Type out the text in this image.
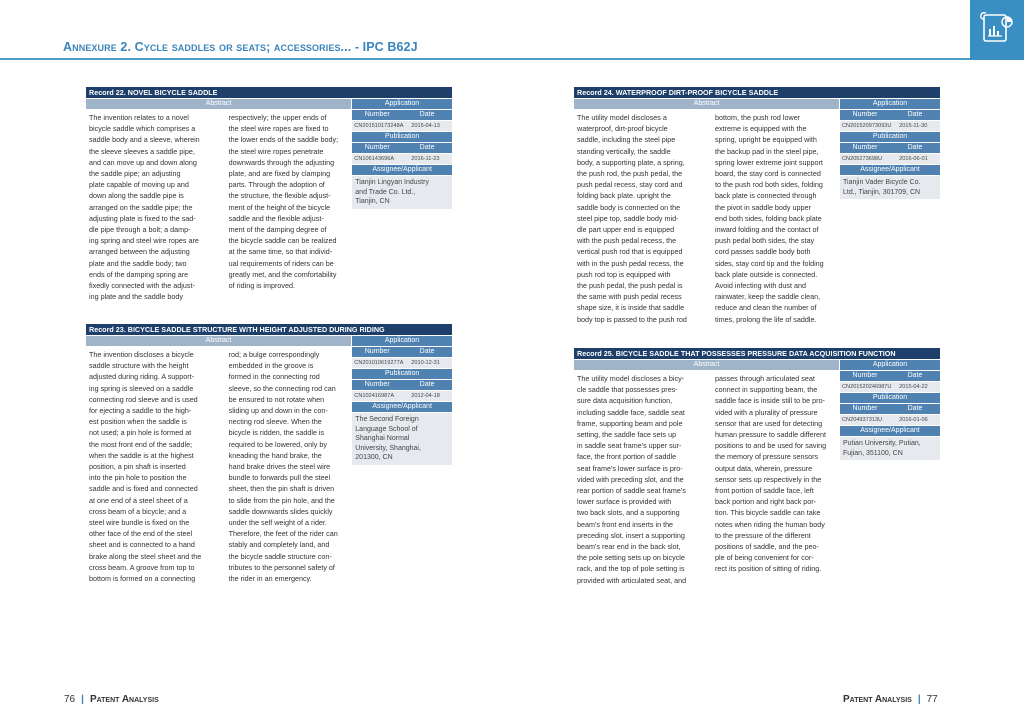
Annexure 2. Cycle saddles or seats; accessories... - IPC B62J
Record 22. NOVEL BICYCLE SADDLE
Abstract	Application
The invention relates to a novel
bicycle saddle which comprises a
saddle body and a sleeve, wherein
the sleeve sleeves a saddle pipe,
and can move up and down along
the saddle pipe; an adjusting
plate capable of moving up and
down along the saddle pipe is
arranged on the saddle pipe; the
adjusting plate is fixed to the sad-
dle pipe through a bolt; a damp-
ing spring and steel wire ropes are
arranged between the adjusting
plate and the saddle body; two
ends of the damping spring are
fixedly connected with the adjust-
ing plate and the saddle body
respectively; the upper ends of
the steel wire ropes are fixed to
the lower ends of the saddle body;
the steel wire ropes penetrate
downwards through the adjusting
plate, and are fixed by clamping
parts. Through the adoption of
the structure, the flexible adjust-
ment of the height of the bicycle
saddle and the flexible adjust-
ment of the damping degree of
the bicycle saddle can be realized
at the same time, so that individ-
ual requirements of riders can be
greatly met, and the comfortability
of riding is improved.
Number	Date
CN201510173248A	2015-04-13
Publication
Number	Date
CN106143696A	2016-11-23
Assignee/Applicant
Tianjin Lingyan Industry
and Trade Co. Ltd.,
Tianjin, CN
Record 23. BICYCLE SADDLE STRUCTURE WITH HEIGHT ADJUSTED DURING RIDING
Abstract	Application
The invention discloses a bicycle
saddle structure with the height
adjusted during riding. A support-
ing spring is sleeved on a saddle
connecting rod sleeve and is used
for ejecting a saddle to the high-
est position when the saddle is
not used; a pin hole is formed at
the most front end of the saddle;
when the saddle is at the highest
position, a pin shaft is inserted
into the pin hole to position the
saddle and is fixed and connected
at one end of a steel sheet of a
cross beam of a bicycle; and a
steel wire bundle is fixed on the
other face of the end of the steel
sheet and is connected to a hand
brake along the steel sheet and the
cross beam. A groove from top to
bottom is formed on a connecting
rod; a bulge correspondingly
embedded in the groove is
formed in the connecting rod
sleeve, so the connecting rod can
be ensured to not rotate when
sliding up and down in the con-
necting rod sleeve. When the
bicycle is ridden, the saddle is
required to be lowered, only by
kneading the hand brake, the
hand brake drives the steel wire
bundle to forwards pull the steel
sheet, then the pin shaft is driven
to slide from the pin hole, and the
saddle downwards slides quickly
under the self weight of a rider.
Therefore, the feet of the rider can
stably and completely land, and
the bicycle saddle structure con-
tributes to the personnel safety of
the rider in an emergency.
Number	Date
CN201010619277A	2010-12-31
Publication
Number	Date
CN102416987A	2012-04-18
Assignee/Applicant
The Second Foreign
Language School of
Shanghai Normal
University, Shanghai,
201300, CN
Record 24. WATERPROOF DIRT-PROOF BICYCLE SADDLE
Abstract	Application
The utility model discloses a
waterproof, dirt-proof bicycle
saddle, including the steel pipe
standing vertically, the saddle
body, a supporting plate, a spring,
the push rod, the push pedal, the
push pedal recess, stay cord and
folding back plate. upright the
saddle body is connected on the
steel pipe top, saddle body mid-
dle part upper end is equipped
with the push pedal recess, the
vertical push rod that is equipped
with in the push pedal recess, the
push rod top is equipped with
the push pedal, the push pedal is
the same with push pedal recess
shape size, it is inside that saddle
body top is passed to the push rod
bottom, the push rod lower
extreme is equipped with the
spring, upright be equipped with
the backup pad in the steel pipe,
spring lower extreme joint support
board, the stay cord is connected
to the push rod both sides, folding
back plate is connected through
the pivot in saddle body upper
end both sides, folding back plate
inward folding and the contact of
push pedal both sides, the stay
cord passes saddle body both
sides, stay cord tip and the folding
back plate outside is connected.
Avoid infecting with dust and
rainwater, keep the saddle clean,
reduce and clean the number of
times, prolong the life of saddle.
Number	Date
CN201520973093U	2015-11-30
Publication
Number	Date
CN205273698U	2016-06-01
Assignee/Applicant
Tianjin Vader Bicycle Co.
Ltd., Tianjin, 301709, CN
Record 25. BICYCLE SADDLE THAT POSSESSES PRESSURE DATA ACQUISITION FUNCTION
Abstract	Application
The utility model discloses a bicy-
cle saddle that possesses pres-
sure data acquisition function,
including saddle face, saddle seat
frame, supporting beam and pole
setting, the saddle face sets up
in saddle seat frame's upper sur-
face, the front portion of saddle
seat frame's lower surface is pro-
vided with preceding slot, and the
rear portion of saddle seat frame's
lower surface is provided with
two back slots, and a supporting
beam's front end inserts in the
preceding slot, insert a supporting
beam's rear end in the back slot,
the pole setting sets up on bicycle
rack, and the top of pole setting is
provided with articulated seat, and
passes through articulated seat
connect in supporting beam, the
saddle face is inside still to be pro-
vided with a plurality of pressure
sensor that are used for detecting
human pressure to saddle different
positions to and be used for saving
the memory of pressure sensors
output data, wherein, pressure
sensor sets up respectively in the
front portion of saddle face, left
back portion and right back por-
tion. This bicycle saddle can take
notes when riding the human body
to the pressure of the different
positions of saddle, and the peo-
ple of being convenient for cor-
rect its position of sitting of riding.
Number	Date
CN201520246987U	2015-04-22
Publication
Number	Date
CN204937313U	2016-01-06
Assignee/Applicant
Putian University, Putian,
Fujian, 351100, CN
76 | Patent Analysis	Patent Analysis | 77
